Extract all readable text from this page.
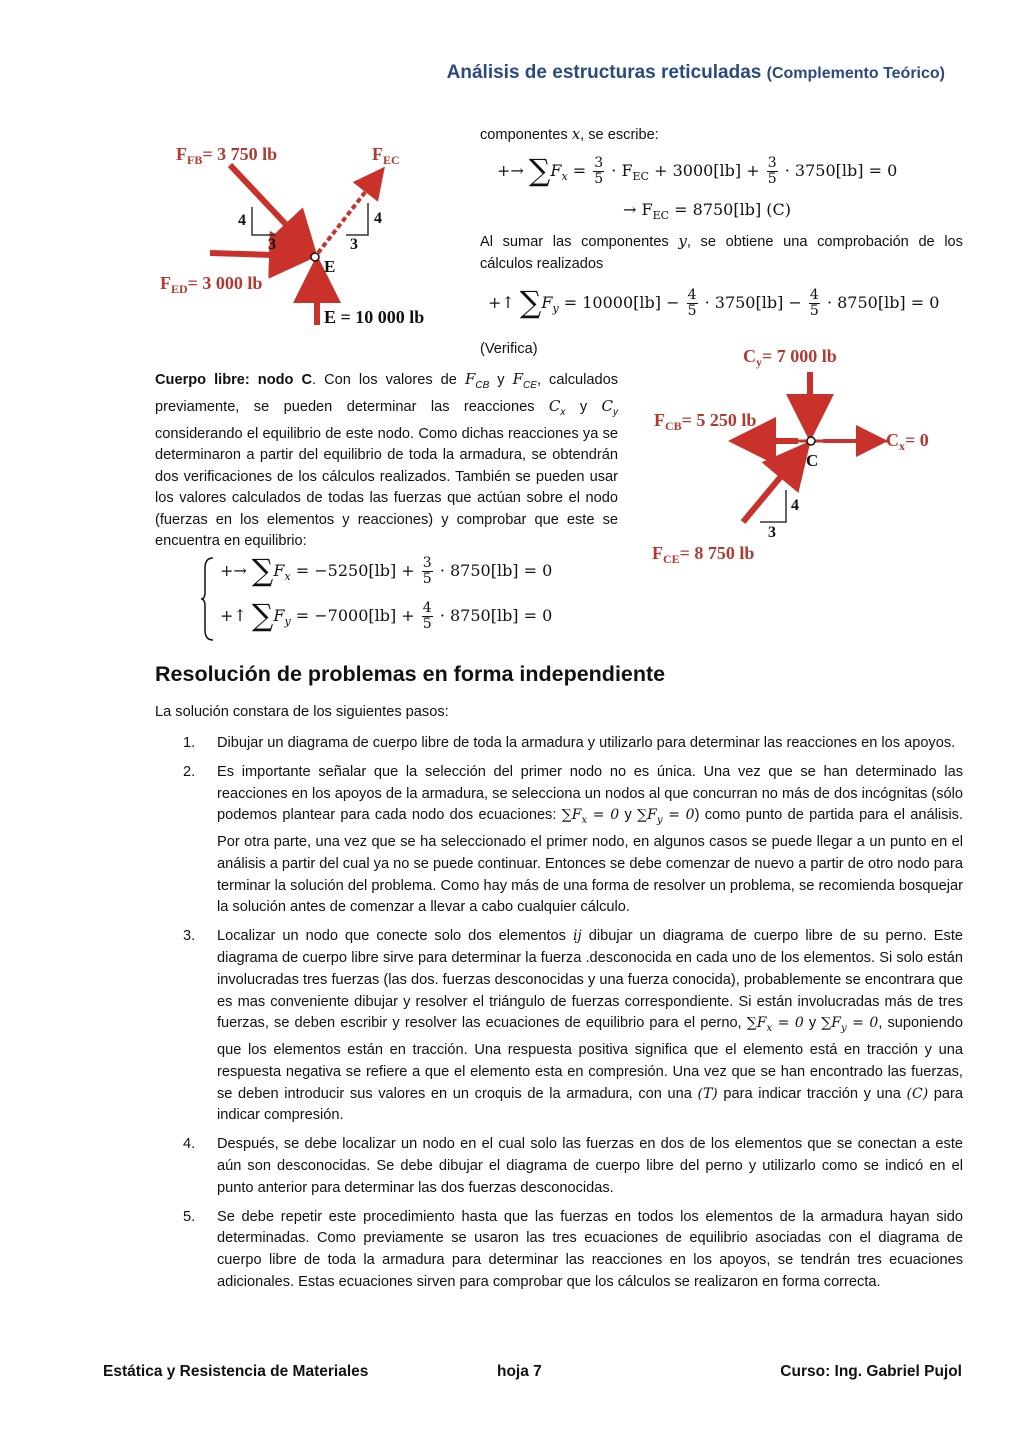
Análisis de estructuras reticuladas (Complemento Teórico)
$F_{FB}= 3$ 750 lb	$F_{EC}$
$F_{ED}= 3$ 000 lb
E = 10 000 lb
E
4
3
4
3
componentes x, se escribe:
+→ $\sum F_x = \frac{3}{5} \cdot F_{EC} + 3000[lb] + \frac{3}{5} \cdot 3750[lb] = 0$
→ $F_{EC} = 8750[lb]$ (C)
Al sumar las componentes y, se obtiene una comprobación de los cálculos realizados
+↑ $\sum F_y = 10000[lb] - \frac{4}{5} \cdot 3750[lb] - \frac{4}{5} \cdot 8750[lb] = 0$
(Verifica)	$C_y= 7$ 000 lb
$F_{CB}= 5$ 250 lb
$C_x= 0$
C
4
3
$F_{CE}= 8$ 750 lb
Cuerpo libre: nodo C. Con los valores de $F_{CB}$ y $F_{CE}$, calculados previamente, se pueden determinar las reacciones $C_x$ y $C_y$ considerando el equilibrio de este nodo. Como dichas reacciones ya se determinaron a partir del equilibrio de toda la armadura, se obtendrán dos verificaciones de los cálculos realizados. También se pueden usar los valores calculados de todas las fuerzas que actúan sobre el nodo (fuerzas en los elementos y reacciones) y comprobar que este se encuentra en equilibrio:
+→ $\sum F_x = -5250[lb] + \frac{3}{5} \cdot 8750[lb] = 0$
+↑ $\sum F_y = -7000[lb] + \frac{4}{5} \cdot 8750[lb] = 0$
Resolución de problemas en forma independiente
La solución constara de los siguientes pasos:
1. Dibujar un diagrama de cuerpo libre de toda la armadura y utilizarlo para determinar las reacciones en los apoyos.
2. Es importante señalar que la selección del primer nodo no es única. Una vez que se han determinado las reacciones en los apoyos de la armadura, se selecciona un nodos al que concurran no más de dos incógnitas (sólo podemos plantear para cada nodo dos ecuaciones: $\sum F_x = 0$ y $\sum F_y = 0$) como punto de partida para el análisis. Por otra parte, una vez que se ha seleccionado el primer nodo, en algunos casos se puede llegar a un punto en el análisis a partir del cual ya no se puede continuar. Entonces se debe comenzar de nuevo a partir de otro nodo para terminar la solución del problema. Como hay más de una forma de resolver un problema, se recomienda bosquejar la solución antes de comenzar a llevar a cabo cualquier cálculo.
3. Localizar un nodo que conecte solo dos elementos ij dibujar un diagrama de cuerpo libre de su perno. Este diagrama de cuerpo libre sirve para determinar la fuerza .desconocida en cada uno de los elementos. Si solo están involucradas tres fuerzas (las dos. fuerzas desconocidas y una fuerza conocida), probablemente se encontrara que es mas conveniente dibujar y resolver el triángulo de fuerzas correspondiente. Si están involucradas más de tres fuerzas, se deben escribir y resolver las ecuaciones de equilibrio para el perno, $\sum F_x = 0$ y $\sum F_y = 0$, suponiendo que los elementos están en tracción. Una respuesta positiva significa que el elemento está en tracción y una respuesta negativa se refiere a que el elemento esta en compresión. Una vez que se han encontrado las fuerzas, se deben introducir sus valores en un croquis de la armadura, con una (T) para indicar tracción y una (C) para indicar compresión.
4. Después, se debe localizar un nodo en el cual solo las fuerzas en dos de los elementos que se conectan a este aún son desconocidas. Se debe dibujar el diagrama de cuerpo libre del perno y utilizarlo como se indicó en el punto anterior para determinar las dos fuerzas desconocidas.
5. Se debe repetir este procedimiento hasta que las fuerzas en todos los elementos de la armadura hayan sido determinadas. Como previamente se usaron las tres ecuaciones de equilibrio asociadas con el diagrama de cuerpo libre de toda la armadura para determinar las reacciones en los apoyos, se tendrán tres ecuaciones adicionales. Estas ecuaciones sirven para comprobar que los cálculos se realizaron en forma correcta.
Estática y Resistencia de Materiales	hoja 7	Curso: Ing. Gabriel Pujol
